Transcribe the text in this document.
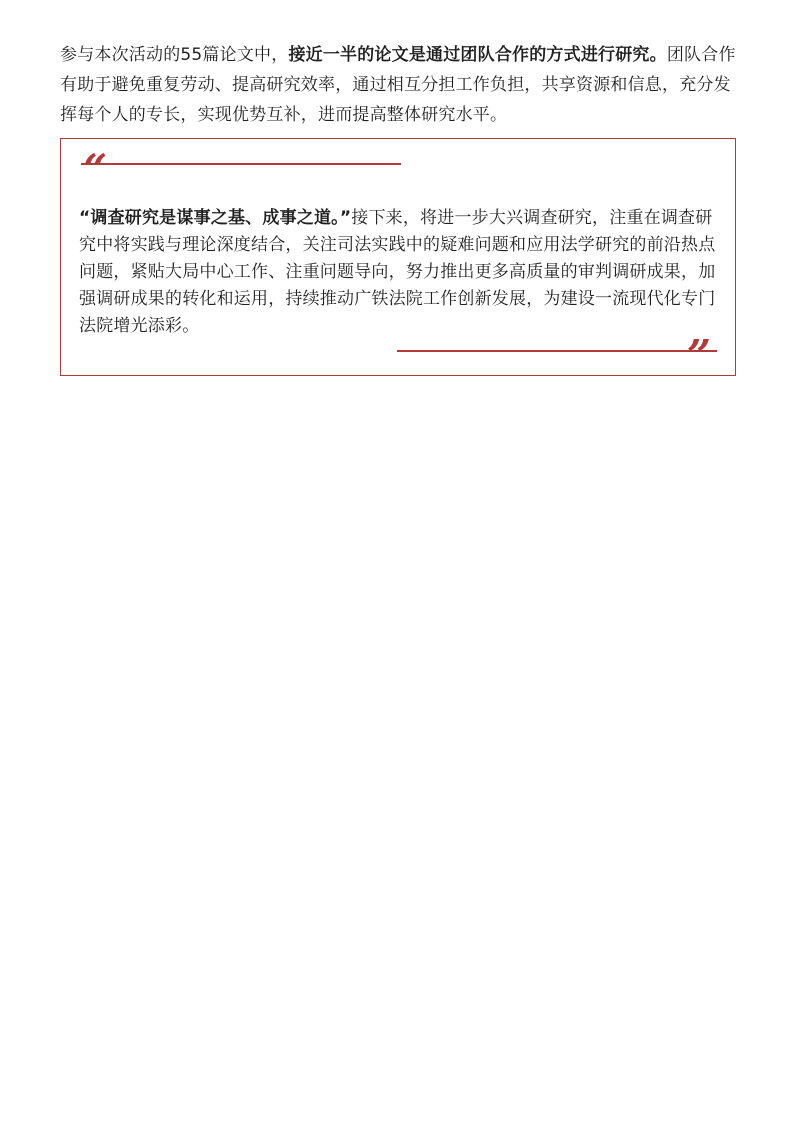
参与本次活动的55篇论文中，接近一半的论文是通过团队合作的方式进行研究。团队合作有助于避免重复劳动、提高研究效率，通过相互分担工作负担，共享资源和信息，充分发挥每个人的专长，实现优势互补，进而提高整体研究水平。

“

“调查研究是谋事之基、成事之道。”接下来，将进一步大兴调查研究，注重在调查研究中将实践与理论深度结合，关注司法实践中的疑难问题和应用法学研究的前沿热点问题，紧贴大局中心工作、注重问题导向，努力推出更多高质量的审判调研成果，加强调研成果的转化和运用，持续推动广铁法院工作创新发展，为建设一流现代化专门法院增光添彩。

”
